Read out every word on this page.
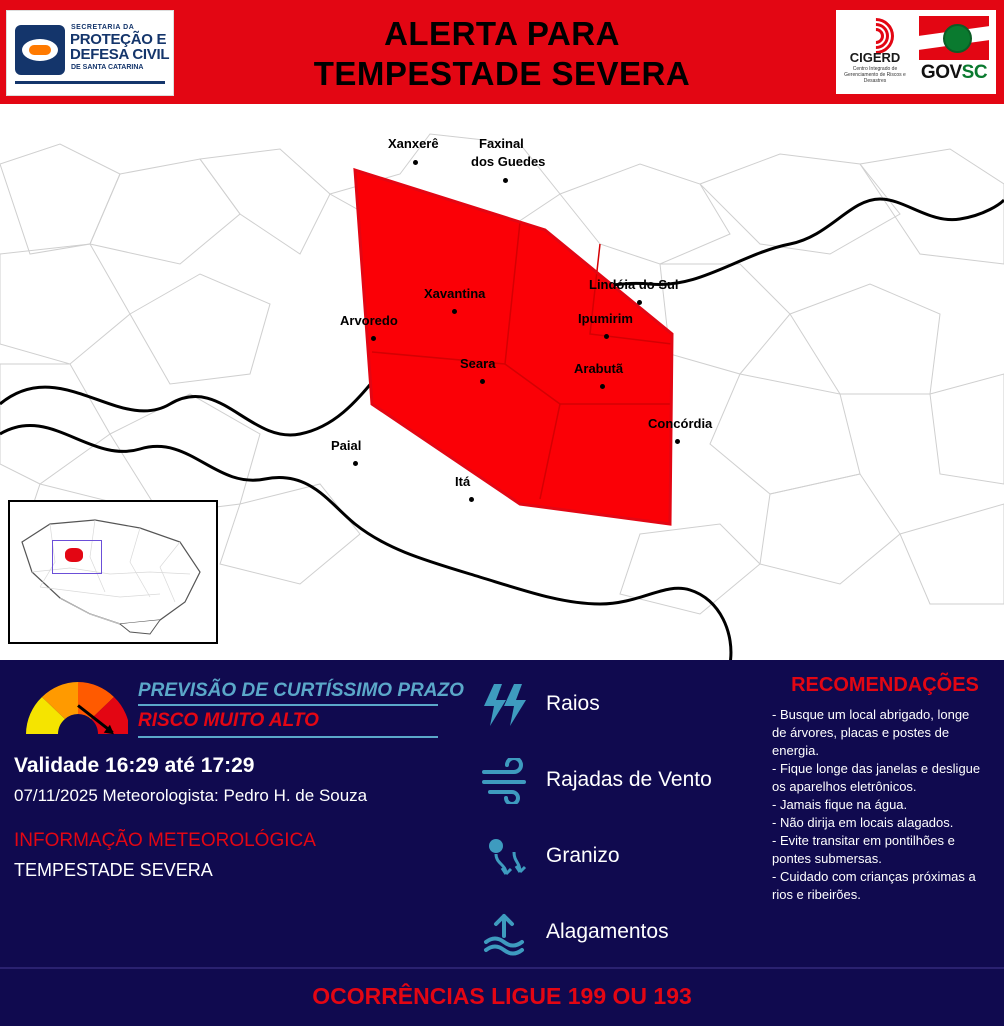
SECRETARIA DA
PROTEÇÃO E
DEFESA CIVIL
DE SANTA CATARINA
ALERTA PARA
TEMPESTADE SEVERA	CIGERD
Centro Integrado de Gerenciamento de Riscos e Desastres	GOVSC
Xanxerê	Faxinal
dos Guedes
Xavantina
Lindóia do Sul
Arvoredo	Ipumirim
Seara	Arabutã
Concórdia
Paial
Itá
PREVISÃO DE CURTÍSSIMO PRAZO
RISCO MUITO ALTO
Validade 16:29 até 17:29
07/11/2025 Meteorologista: Pedro H. de Souza
INFORMAÇÃO METEOROLÓGICA
TEMPESTADE SEVERA
Raios
Rajadas de Vento
Granizo
Alagamentos
RECOMENDAÇÕES
- Busque um local abrigado, longe
de árvores, placas e postes de
energia.
- Fique longe das janelas e desligue
os aparelhos eletrônicos.
- Jamais fique na água.
- Não dirija em locais alagados.
- Evite transitar em pontilhões e
pontes submersas.
- Cuidado com crianças próximas a
rios e ribeirões.
OCORRÊNCIAS LIGUE 199 OU 193
